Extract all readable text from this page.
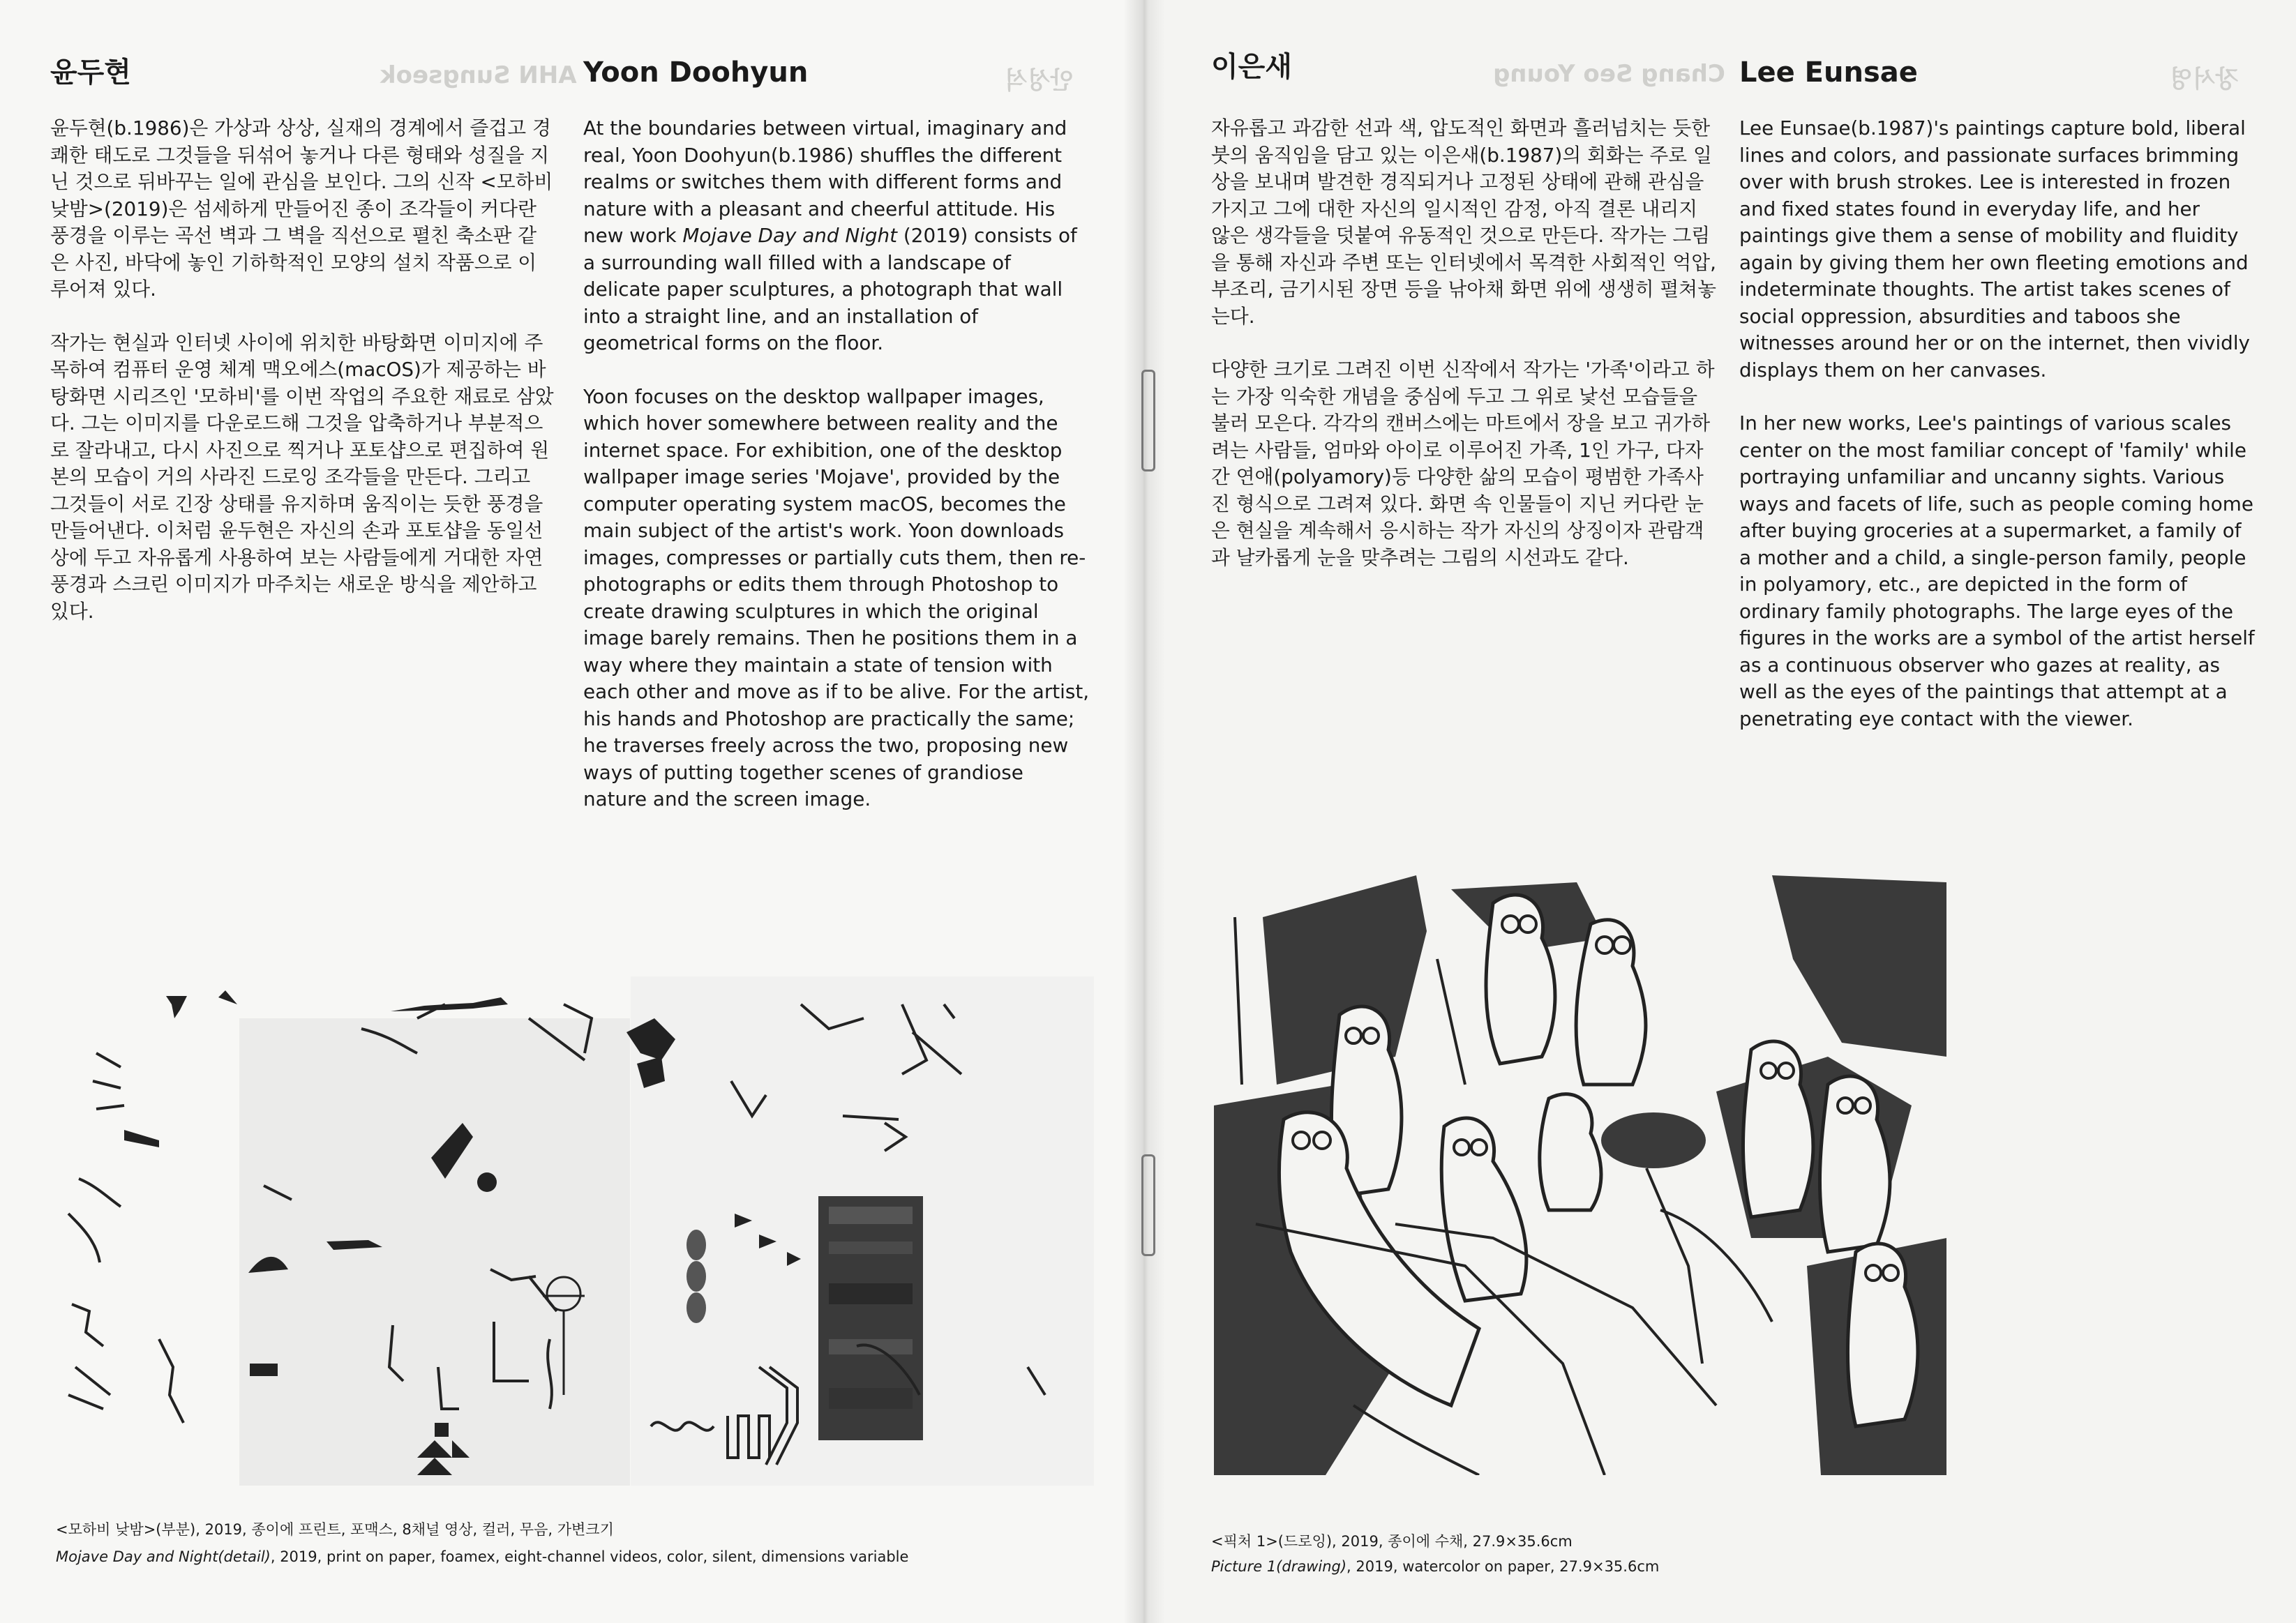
AHN Sungseok	안성석
윤두현	Yoon Doohyun

윤두현(b.1986)은 가상과 상상, 실재의 경계에서 즐겁고 경쾌한 태도로 그것들을 뒤섞어 놓거나 다른 형태와 성질을 지닌 것으로 뒤바꾸는 일에 관심을 보인다. 그의 신작 <모하비 낮밤>(2019)은 섬세하게 만들어진 종이 조각들이 커다란 풍경을 이루는 곡선 벽과 그 벽을 직선으로 펼친 축소판 같은 사진, 바닥에 놓인 기하학적인 모양의 설치 작품으로 이루어져 있다.

작가는 현실과 인터넷 사이에 위치한 바탕화면 이미지에 주목하여 컴퓨터 운영 체계 맥오에스(macOS)가 제공하는 바탕화면 시리즈인 '모하비'를 이번 작업의 주요한 재료로 삼았다. 그는 이미지를 다운로드해 그것을 압축하거나 부분적으로 잘라내고, 다시 사진으로 찍거나 포토샵으로 편집하여 원본의 모습이 거의 사라진 드로잉 조각들을 만든다. 그리고 그것들이 서로 긴장 상태를 유지하며 움직이는 듯한 풍경을 만들어낸다. 이처럼 윤두현은 자신의 손과 포토샵을 동일선상에 두고 자유롭게 사용하여 보는 사람들에게 거대한 자연 풍경과 스크린 이미지가 마주치는 새로운 방식을 제안하고 있다.

At the boundaries between virtual, imaginary and real, Yoon Doohyun(b.1986) shuffles the different realms or switches them with different forms and nature with a pleasant and cheerful attitude. His new work Mojave Day and Night (2019) consists of a surrounding wall filled with a landscape of delicate paper sculptures, a photograph that wall into a straight line, and an installation of geometrical forms on the floor.

Yoon focuses on the desktop wallpaper images, which hover somewhere between reality and the internet space. For exhibition, one of the desktop wallpaper image series 'Mojave', provided by the computer operating system macOS, becomes the main subject of the artist's work. Yoon downloads images, compresses or partially cuts them, then re-photographs or edits them through Photoshop to create drawing sculptures in which the original image barely remains. Then he positions them in a way where they maintain a state of tension with each other and move as if to be alive. For the artist, his hands and Photoshop are practically the same; he traverses freely across the two, proposing new ways of putting together scenes of grandiose nature and the screen image.

<모하비 낮밤>(부분), 2019, 종이에 프린트, 포맥스, 8채널 영상, 컬러, 무음, 가변크기
Mojave Day and Night(detail), 2019, print on paper, foamex, eight-channel videos, color, silent, dimensions variable
Chang Seo Young	장서영
이은새	Lee Eunsae

자유롭고 과감한 선과 색, 압도적인 화면과 흘러넘치는 듯한 붓의 움직임을 담고 있는 이은새(b.1987)의 회화는 주로 일상을 보내며 발견한 경직되거나 고정된 상태에 관해 관심을 가지고 그에 대한 자신의 일시적인 감정, 아직 결론 내리지 않은 생각들을 덧붙여 유동적인 것으로 만든다. 작가는 그림을 통해 자신과 주변 또는 인터넷에서 목격한 사회적인 억압, 부조리, 금기시된 장면 등을 낚아채 화면 위에 생생히 펼쳐놓는다.

다양한 크기로 그려진 이번 신작에서 작가는 '가족'이라고 하는 가장 익숙한 개념을 중심에 두고 그 위로 낯선 모습들을 불러 모은다. 각각의 캔버스에는 마트에서 장을 보고 귀가하려는 사람들, 엄마와 아이로 이루어진 가족, 1인 가구, 다자간 연애(polyamory)등 다양한 삶의 모습이 평범한 가족사진 형식으로 그려져 있다. 화면 속 인물들이 지닌 커다란 눈은 현실을 계속해서 응시하는 작가 자신의 상징이자 관람객과 날카롭게 눈을 맞추려는 그림의 시선과도 같다.

Lee Eunsae(b.1987)'s paintings capture bold, liberal lines and colors, and passionate surfaces brimming over with brush strokes. Lee is interested in frozen and fixed states found in everyday life, and her paintings give them a sense of mobility and fluidity again by giving them her own fleeting emotions and indeterminate thoughts. The artist takes scenes of social oppression, absurdities and taboos she witnesses around her or on the internet, then vividly displays them on her canvases.

In her new works, Lee's paintings of various scales center on the most familiar concept of 'family' while portraying unfamiliar and uncanny sights. Various ways and facets of life, such as people coming home after buying groceries at a supermarket, a family of a mother and a child, a single-person family, people in polyamory, etc., are depicted in the form of ordinary family photographs. The large eyes of the figures in the works are a symbol of the artist herself as a continuous observer who gazes at reality, as well as the eyes of the paintings that attempt at a penetrating eye contact with the viewer.

<픽처 1>(드로잉), 2019, 종이에 수채, 27.9×35.6cm
Picture 1(drawing), 2019, watercolor on paper, 27.9×35.6cm
